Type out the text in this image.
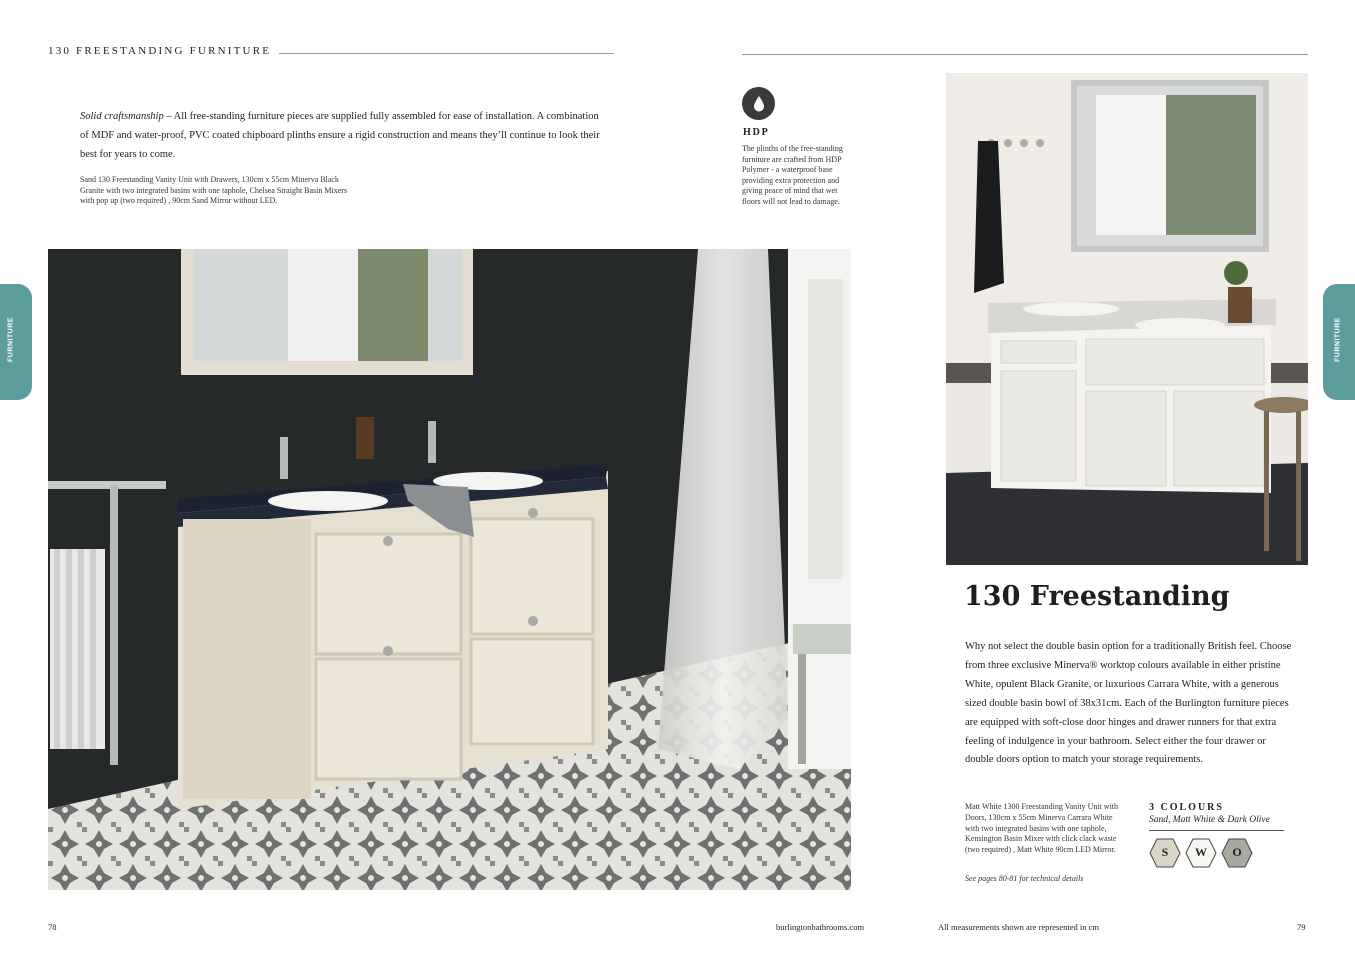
130 FREESTANDING FURNITURE

Solid craftsmanship – All free-standing furniture pieces are supplied fully assembled for ease of installation. A combination of MDF and water-proof, PVC coated chipboard plinths ensure a rigid construction and means they’ll continue to look their best for years to come.

Sand 130 Freestanding Vanity Unit with Drawers, 130cm x 55cm Minerva Black Granite with two integrated basins with one taphole, Chelsea Straight Basin Mixers with pop up (two required) , 90cm Sand Mirror without LED.

HDP

The plinths of the free-standing furniture are crafted from HDP Polymer - a waterproof base providing extra protection and giving peace of mind that wet floors will not lead to damage.

FURNITURE	FURNITURE
130 Freestanding

Why not select the double basin option for a traditionally British feel. Choose from three exclusive Minerva® worktop colours available in either pristine White, opulent Black Granite, or luxurious Carrara White, with a generous sized double basin bowl of 38x31cm. Each of the Burlington furniture pieces are equipped with soft-close door hinges and drawer runners for that extra feeling of indulgence in your bathroom. Select either the four drawer or double doors option to match your storage requirements.

Matt White 1300 Freestanding Vanity Unit with Doors, 130cm x 55cm Minerva Carrara White with two integrated basins with one taphole, Kensington Basin Mixer with click clack waste (two required) , Matt White 90cm LED Mirror.

See pages 80-81 for technical details
3 COLOURS
Sand, Matt White & Dark Olive
S	W	O
78	burlingtonbathrooms.com	All measurements shown are represented in cm	79
